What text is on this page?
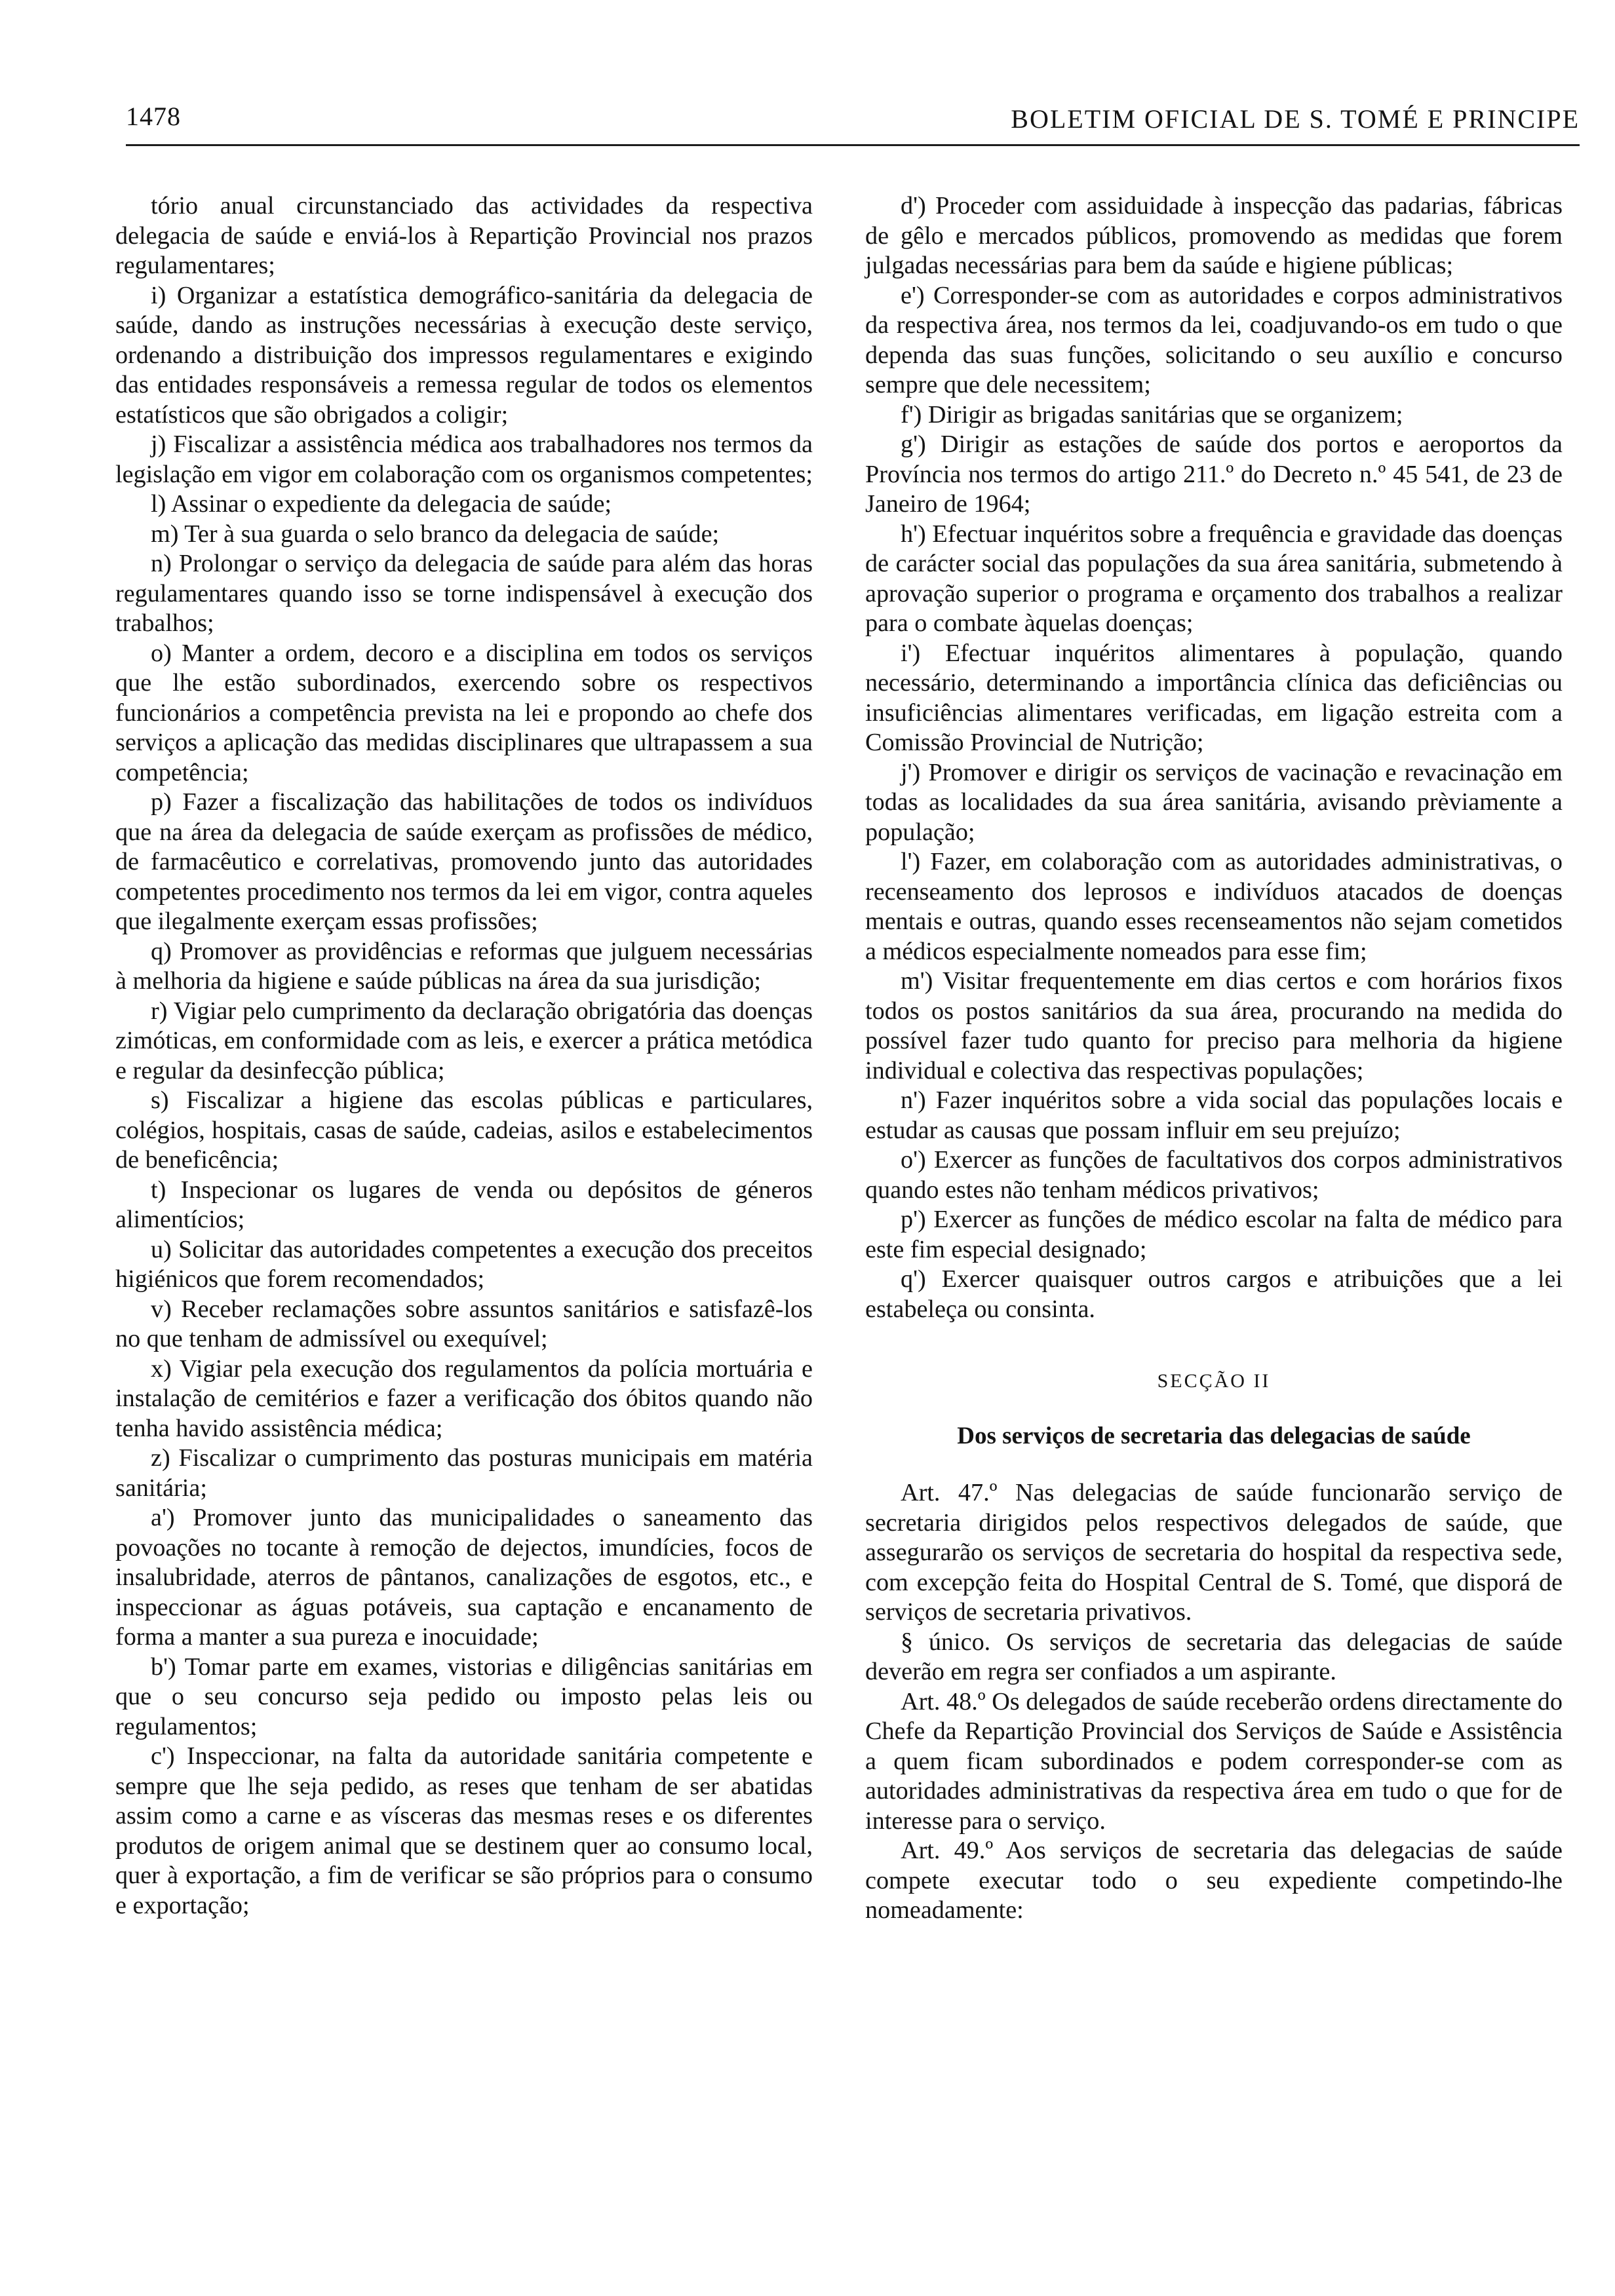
1478	BOLETIM OFICIAL DE S. TOMÉ E PRINCIPE

tório anual circunstanciado das actividades da respectiva delegacia de saúde e enviá-los à Repartição Provincial nos prazos regulamentares;

i) Organizar a estatística demográfico-sanitária da delegacia de saúde, dando as instruções necessárias à execução deste serviço, ordenando a distribuição dos impressos regulamentares e exigindo das entidades responsáveis a remessa regular de todos os elementos estatísticos que são obrigados a coligir;

j) Fiscalizar a assistência médica aos trabalhadores nos termos da legislação em vigor em colaboração com os organismos competentes;

l) Assinar o expediente da delegacia de saúde;

m) Ter à sua guarda o selo branco da delegacia de saúde;

n) Prolongar o serviço da delegacia de saúde para além das horas regulamentares quando isso se torne indispensável à execução dos trabalhos;

o) Manter a ordem, decoro e a disciplina em todos os serviços que lhe estão subordinados, exercendo sobre os respectivos funcionários a competência prevista na lei e propondo ao chefe dos serviços a aplicação das medidas disciplinares que ultrapassem a sua competência;

p) Fazer a fiscalização das habilitações de todos os indivíduos que na área da delegacia de saúde exerçam as profissões de médico, de farmacêutico e correlativas, promovendo junto das autoridades competentes procedimento nos termos da lei em vigor, contra aqueles que ilegalmente exerçam essas profissões;

q) Promover as providências e reformas que julguem necessárias à melhoria da higiene e saúde públicas na área da sua jurisdição;

r) Vigiar pelo cumprimento da declaração obrigatória das doenças zimóticas, em conformidade com as leis, e exercer a prática metódica e regular da desinfecção pública;

s) Fiscalizar a higiene das escolas públicas e particulares, colégios, hospitais, casas de saúde, cadeias, asilos e estabelecimentos de beneficência;

t) Inspecionar os lugares de venda ou depósitos de géneros alimentícios;

u) Solicitar das autoridades competentes a execução dos preceitos higiénicos que forem recomendados;

v) Receber reclamações sobre assuntos sanitários e satisfazê-los no que tenham de admissível ou exequível;

x) Vigiar pela execução dos regulamentos da polícia mortuária e instalação de cemitérios e fazer a verificação dos óbitos quando não tenha havido assistência médica;

z) Fiscalizar o cumprimento das posturas municipais em matéria sanitária;

a') Promover junto das municipalidades o saneamento das povoações no tocante à remoção de dejectos, imundícies, focos de insalubridade, aterros de pântanos, canalizações de esgotos, etc., e inspeccionar as águas potáveis, sua captação e encanamento de forma a manter a sua pureza e inocuidade;

b') Tomar parte em exames, vistorias e diligências sanitárias em que o seu concurso seja pedido ou imposto pelas leis ou regulamentos;

c') Inspeccionar, na falta da autoridade sanitária competente e sempre que lhe seja pedido, as reses que tenham de ser abatidas assim como a carne e as vísceras das mesmas reses e os diferentes produtos de origem animal que se destinem quer ao consumo local, quer à exportação, a fim de verificar se são próprios para o consumo e exportação;

d') Proceder com assiduidade à inspecção das padarias, fábricas de gêlo e mercados públicos, promovendo as medidas que forem julgadas necessárias para bem da saúde e higiene públicas;

e') Corresponder-se com as autoridades e corpos administrativos da respectiva área, nos termos da lei, coadjuvando-os em tudo o que dependa das suas funções, solicitando o seu auxílio e concurso sempre que dele necessitem;

f') Dirigir as brigadas sanitárias que se organizem;

g') Dirigir as estações de saúde dos portos e aeroportos da Província nos termos do artigo 211.º do Decreto n.º 45 541, de 23 de Janeiro de 1964;

h') Efectuar inquéritos sobre a frequência e gravidade das doenças de carácter social das populações da sua área sanitária, submetendo à aprovação superior o programa e orçamento dos trabalhos a realizar para o combate àquelas doenças;

i') Efectuar inquéritos alimentares à população, quando necessário, determinando a importância clínica das deficiências ou insuficiências alimentares verificadas, em ligação estreita com a Comissão Provincial de Nutrição;

j') Promover e dirigir os serviços de vacinação e revacinação em todas as localidades da sua área sanitária, avisando prèviamente a população;

l') Fazer, em colaboração com as autoridades administrativas, o recenseamento dos leprosos e indivíduos atacados de doenças mentais e outras, quando esses recenseamentos não sejam cometidos a médicos especialmente nomeados para esse fim;

m') Visitar frequentemente em dias certos e com horários fixos todos os postos sanitários da sua área, procurando na medida do possível fazer tudo quanto for preciso para melhoria da higiene individual e colectiva das respectivas populações;

n') Fazer inquéritos sobre a vida social das populações locais e estudar as causas que possam influir em seu prejuízo;

o') Exercer as funções de facultativos dos corpos administrativos quando estes não tenham médicos privativos;

p') Exercer as funções de médico escolar na falta de médico para este fim especial designado;

q') Exercer quaisquer outros cargos e atribuições que a lei estabeleça ou consinta.

SECÇÃO II

Dos serviços de secretaria das delegacias de saúde

Art. 47.º Nas delegacias de saúde funcionarão serviço de secretaria dirigidos pelos respectivos delegados de saúde, que assegurarão os serviços de secretaria do hospital da respectiva sede, com excepção feita do Hospital Central de S. Tomé, que disporá de serviços de secretaria privativos.

§ único. Os serviços de secretaria das delegacias de saúde deverão em regra ser confiados a um aspirante.

Art. 48.º Os delegados de saúde receberão ordens directamente do Chefe da Repartição Provincial dos Serviços de Saúde e Assistência a quem ficam subordinados e podem corresponder-se com as autoridades administrativas da respectiva área em tudo o que for de interesse para o serviço.

Art. 49.º Aos serviços de secretaria das delegacias de saúde compete executar todo o seu expediente competindo-lhe nomeadamente:
